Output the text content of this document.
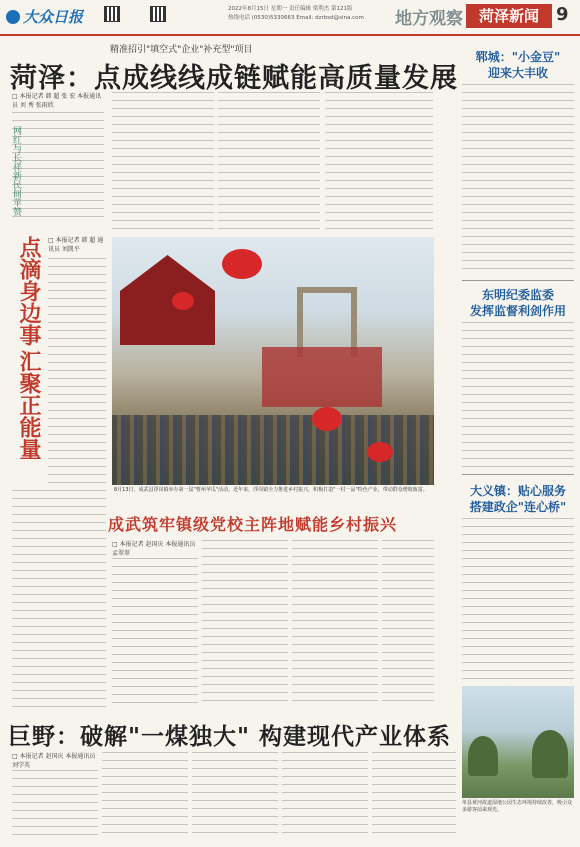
大众日报	2022年8月15日 星期一 责任编辑 梁利杰 第121版
热线电话 (0530)5330663 Email: dzrbsd@sina.com 地方观察	菏泽新闻 9
精准招引"填空式"企业"补充型"项目
菏泽：点成线线成链赋能高质量发展
□ 本报记者 韩 超 张 宏 本报通讯员 刘 秀 张雨欣
网红与长祥新民间苹赞
点滴身边事
汇聚正能量
□ 本报记者 韩 超 通讯员 刘凯平
8月13日，成武县浮岗镇举办第一届"曹州苹瓜"活动。近年来，浮岗镇全力推进乡村振兴，积极打造"一村一品"特色产业，带动群众增收致富。
成武筑牢镇级党校主阵地赋能乡村振兴
□ 本报记者 赵国庆 本报通讯员 孟翠翠
巨野：破解"一煤独大" 构建现代产业体系
□ 本报记者 赵国庆 本报通讯员 刘学英
郓城："小金豆"
迎来大丰收
东明纪委监委
发挥监督利剑作用
大义镇：贴心服务
搭建政企"连心桥"
单县黄河故道湿地公园生态环境持续改善，吸引众多游客前来观光。
